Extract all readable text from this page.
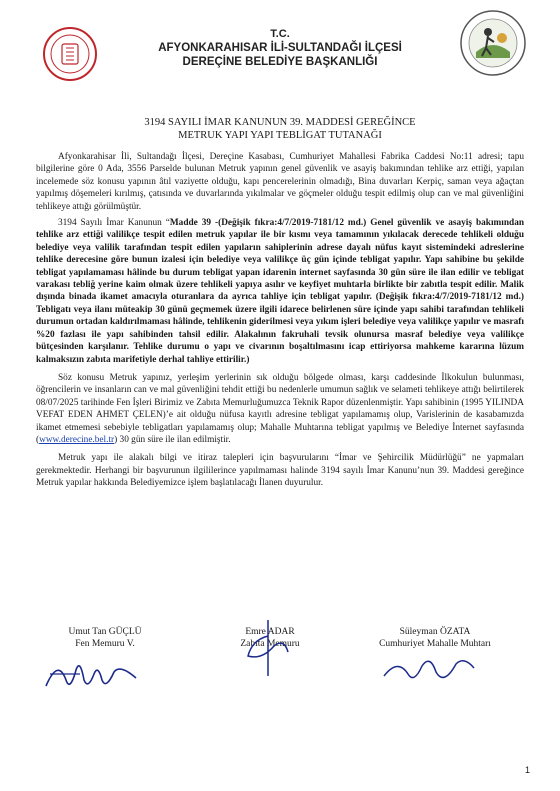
T.C.
AFYONKARAHISAR İLİ-SULTANDAĞI İLÇESİ
DEREÇİNE BELEDİYE BAŞKANLIĞI
3194 SAYILI İMAR KANUNUN 39. MADDESİ GEREĞİNCE
METRUK YAPI YAPI TEBLİGAT TUTANAĞI

Afyonkarahisar İli, Sultandağı İlçesi, Dereçine Kasabası, Cumhuriyet Mahallesi Fabrika Caddesi No:11 adresi; tapu bilgilerine göre 0 Ada, 3556 Parselde bulunan Metruk yapının genel güvenlik ve asayiş bakımından tehlike arz ettiği, yapılan incelemede söz konusu yapının âtıl vaziyette olduğu, kapı pencerelerinin olmadığı, Bina duvarları Kerpiç, saman veya ağaçtan yapılmış döşemeleri kırılmış, çatısında ve duvarlarında yıkılmalar ve göçmeler olduğu tespit edilmiş olup can ve mal güvenliğini tehlikeye attığı görülmüştür.

3194 Sayılı İmar Kanunun “Madde 39 -(Değişik fıkra:4/7/2019-7181/12 md.) Genel güvenlik ve asayiş bakımından tehlike arz ettiği valilikçe tespit edilen metruk yapılar ile bir kısmı veya tamamının yıkılacak derecede tehlikeli olduğu belediye veya valilik tarafından tespit edilen yapıların sahiplerinin adrese dayalı nüfus kayıt sistemindeki adreslerine tehlike derecesine göre bunun izalesi için belediye veya valilikçe üç gün içinde tebligat yapılır. Yapı sahibine bu şekilde tebligat yapılamaması hâlinde bu durum tebligat yapan idarenin internet sayfasında 30 gün süre ile ilan edilir ve tebligat varakası tebliğ yerine kaim olmak üzere tehlikeli yapıya asılır ve keyfiyet muhtarla birlikte bir zabıtla tespit edilir. Malik dışında binada ikamet amacıyla oturanlara da ayrıca tahliye için tebligat yapılır. (Değişik fıkra:4/7/2019-7181/12 md.) Tebligatı veya ilanı müteakip 30 günü geçmemek üzere ilgili idarece belirlenen süre içinde yapı sahibi tarafından tehlikeli durumun ortadan kaldırılmaması hâlinde, tehlikenin giderilmesi veya yıkım işleri belediye veya valilikçe yapılır ve masrafı %20 fazlası ile yapı sahibinden tahsil edilir. Alakalının fakruhali tevsik olunursa masraf belediye veya valilikçe bütçesinden karşılanır. Tehlike durumu o yapı ve civarının boşaltılmasını icap ettiriyorsa mahkeme kararına lüzum kalmaksızın zabıta marifetiyle derhal tahliye ettirilir.)

Söz konusu Metruk yapınız, yerleşim yerlerinin sık olduğu bölgede olması, karşı caddesinde İlkokulun bulunması, öğrencilerin ve insanların can ve mal güvenliğini tehdit ettiği bu nedenlerle umumun sağlık ve selameti tehlikeye attığı belirtilerek 08/07/2025 tarihinde Fen İşleri Birimiz ve Zabıta Memurluğumuzca Teknik Rapor düzenlenmiştir. Yapı sahibinin (1995 YILINDA VEFAT EDEN AHMET ÇELEN)’e ait olduğu nüfusa kayıtlı adresine tebligat yapılamamış olup, Varislerinin de kasabamızda ikamet etmemesi sebebiyle tebligatları yapılamamış olup; Mahalle Muhtarına tebligat yapılmış ve Belediye İnternet sayfasında (www.derecine.bel.tr) 30 gün süre ile ilan edilmiştir.

Metruk yapı ile alakalı bilgi ve itiraz talepleri için başvurularını “İmar ve Şehircilik Müdürlüğü” ne yapmaları gerekmektedir. Herhangi bir başvurunun ilgililerince yapılmaması halinde 3194 sayılı İmar Kanunu’nun 39. Maddesi gereğince Metruk yapılar hakkında Belediyemizce işlem başlatılacağı İlanen duyurulur.

Umut Tan GÜÇLÜ
Fen Memuru V.
Emre ADAR
Zabıta Memuru
Süleyman ÖZATA
Cumhuriyet Mahalle Muhtarı
1
